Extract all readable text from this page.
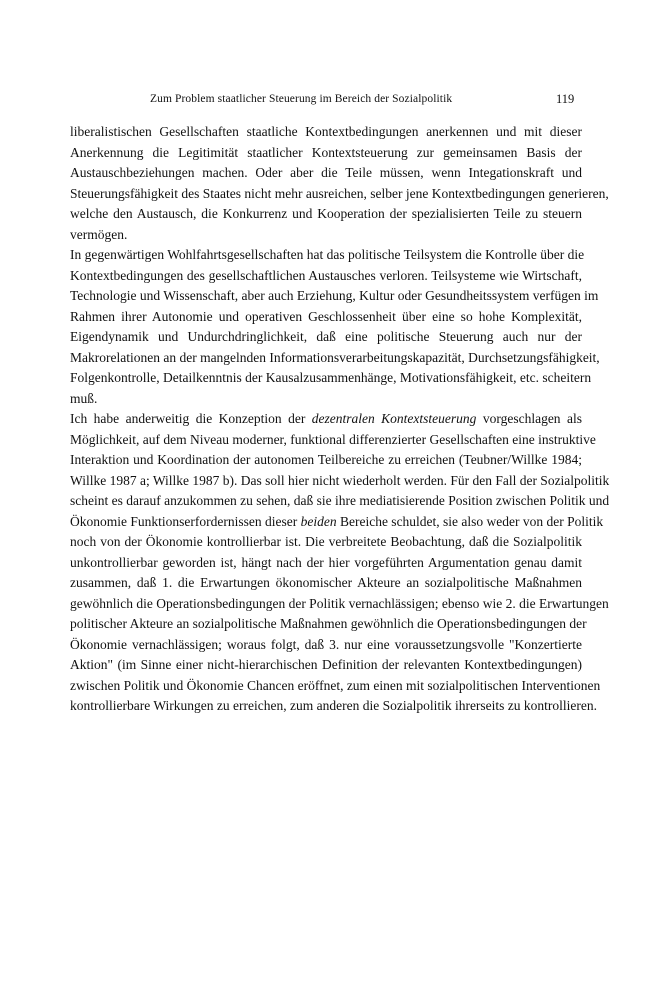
Zum Problem staatlicher Steuerung im Bereich der Sozialpolitik	119
liberalistischen Gesellschaften staatliche Kontextbedingungen anerkennen und mit dieser
Anerkennung die Legitimität staatlicher Kontextsteuerung zur gemeinsamen Basis der
Austauschbeziehungen machen. Oder aber die Teile müssen, wenn Integationskraft und
Steuerungsfähigkeit des Staates nicht mehr ausreichen, selber jene Kontextbedingungen generieren,
welche den Austausch, die Konkurrenz und Kooperation der spezialisierten Teile zu steuern
vermögen.
In gegenwärtigen Wohlfahrtsgesellschaften hat das politische Teilsystem die Kontrolle über die
Kontextbedingungen des gesellschaftlichen Austausches verloren. Teilsysteme wie Wirtschaft,
Technologie und Wissenschaft, aber auch Erziehung, Kultur oder Gesundheitssystem verfügen im
Rahmen ihrer Autonomie und operativen Geschlossenheit über eine so hohe Komplexität,
Eigendynamik und Undurchdringlichkeit, daß eine politische Steuerung auch nur der
Makrorelationen an der mangelnden Informationsverarbeitungskapazität, Durchsetzungsfähigkeit,
Folgenkontrolle, Detailkenntnis der Kausalzusammenhänge, Motivationsfähigkeit, etc. scheitern
muß.
Ich habe anderweitig die Konzeption der dezentralen Kontextsteuerung vorgeschlagen als
Möglichkeit, auf dem Niveau moderner, funktional differenzierter Gesellschaften eine instruktive
Interaktion und Koordination der autonomen Teilbereiche zu erreichen (Teubner/Willke 1984;
Willke 1987 a; Willke 1987 b). Das soll hier nicht wiederholt werden. Für den Fall der Sozialpolitik
scheint es darauf anzukommen zu sehen, daß sie ihre mediatisierende Position zwischen Politik und
Ökonomie Funktionserfordernissen dieser beiden Bereiche schuldet, sie also weder von der Politik
noch von der Ökonomie kontrollierbar ist. Die verbreitete Beobachtung, daß die Sozialpolitik
unkontrollierbar geworden ist, hängt nach der hier vorgeführten Argumentation genau damit
zusammen, daß 1. die Erwartungen ökonomischer Akteure an sozialpolitische Maßnahmen
gewöhnlich die Operationsbedingungen der Politik vernachlässigen; ebenso wie 2. die Erwartungen
politischer Akteure an sozialpolitische Maßnahmen gewöhnlich die Operationsbedingungen der
Ökonomie vernachlässigen; woraus folgt, daß 3. nur eine voraussetzungsvolle "Konzertierte
Aktion" (im Sinne einer nicht-hierarchischen Definition der relevanten Kontextbedingungen)
zwischen Politik und Ökonomie Chancen eröffnet, zum einen mit sozialpolitischen Interventionen
kontrollierbare Wirkungen zu erreichen, zum anderen die Sozialpolitik ihrerseits zu kontrollieren.
